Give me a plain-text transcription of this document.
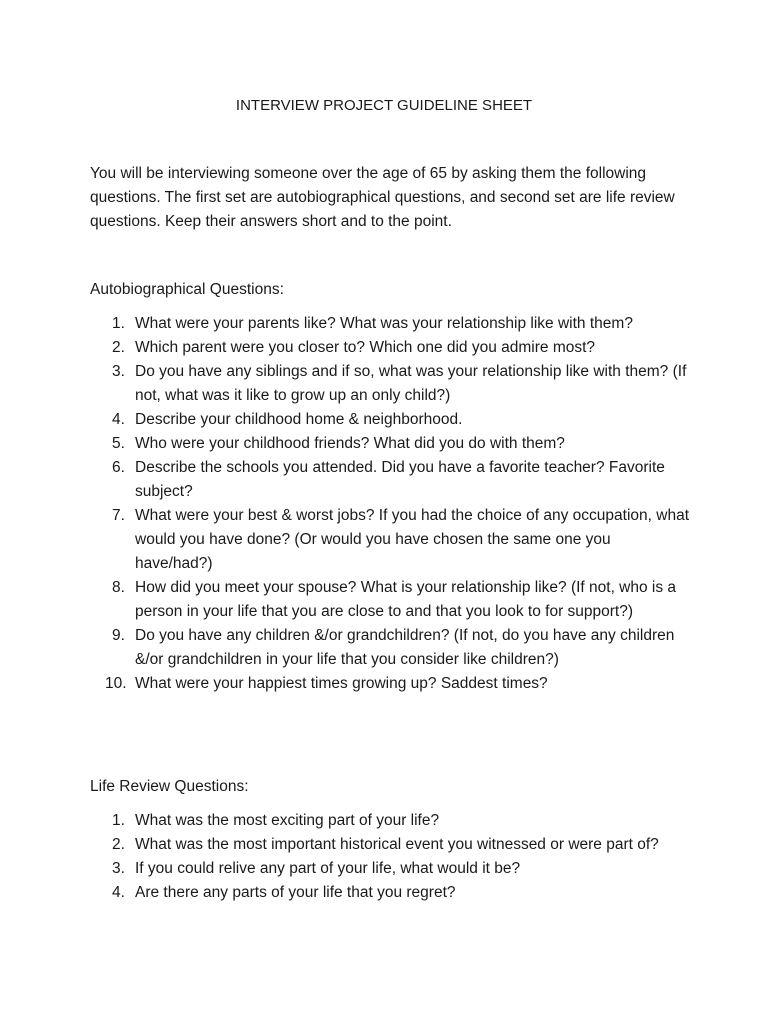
INTERVIEW PROJECT GUIDELINE SHEET
You will be interviewing someone over the age of 65 by asking them the following questions. The first set are autobiographical questions, and second set are life review questions. Keep their answers short and to the point.
Autobiographical Questions:
1. What were your parents like? What was your relationship like with them?
2. Which parent were you closer to? Which one did you admire most?
3. Do you have any siblings and if so, what was your relationship like with them? (If not, what was it like to grow up an only child?)
4. Describe your childhood home & neighborhood.
5. Who were your childhood friends? What did you do with them?
6. Describe the schools you attended. Did you have a favorite teacher? Favorite subject?
7. What were your best & worst jobs? If you had the choice of any occupation, what would you have done? (Or would you have chosen the same one you have/had?)
8. How did you meet your spouse? What is your relationship like? (If not, who is a person in your life that you are close to and that you look to for support?)
9. Do you have any children &/or grandchildren? (If not, do you have any children &/or grandchildren in your life that you consider like children?)
10. What were your happiest times growing up? Saddest times?
Life Review Questions:
1. What was the most exciting part of your life?
2. What was the most important historical event you witnessed or were part of?
3. If you could relive any part of your life, what would it be?
4. Are there any parts of your life that you regret?
